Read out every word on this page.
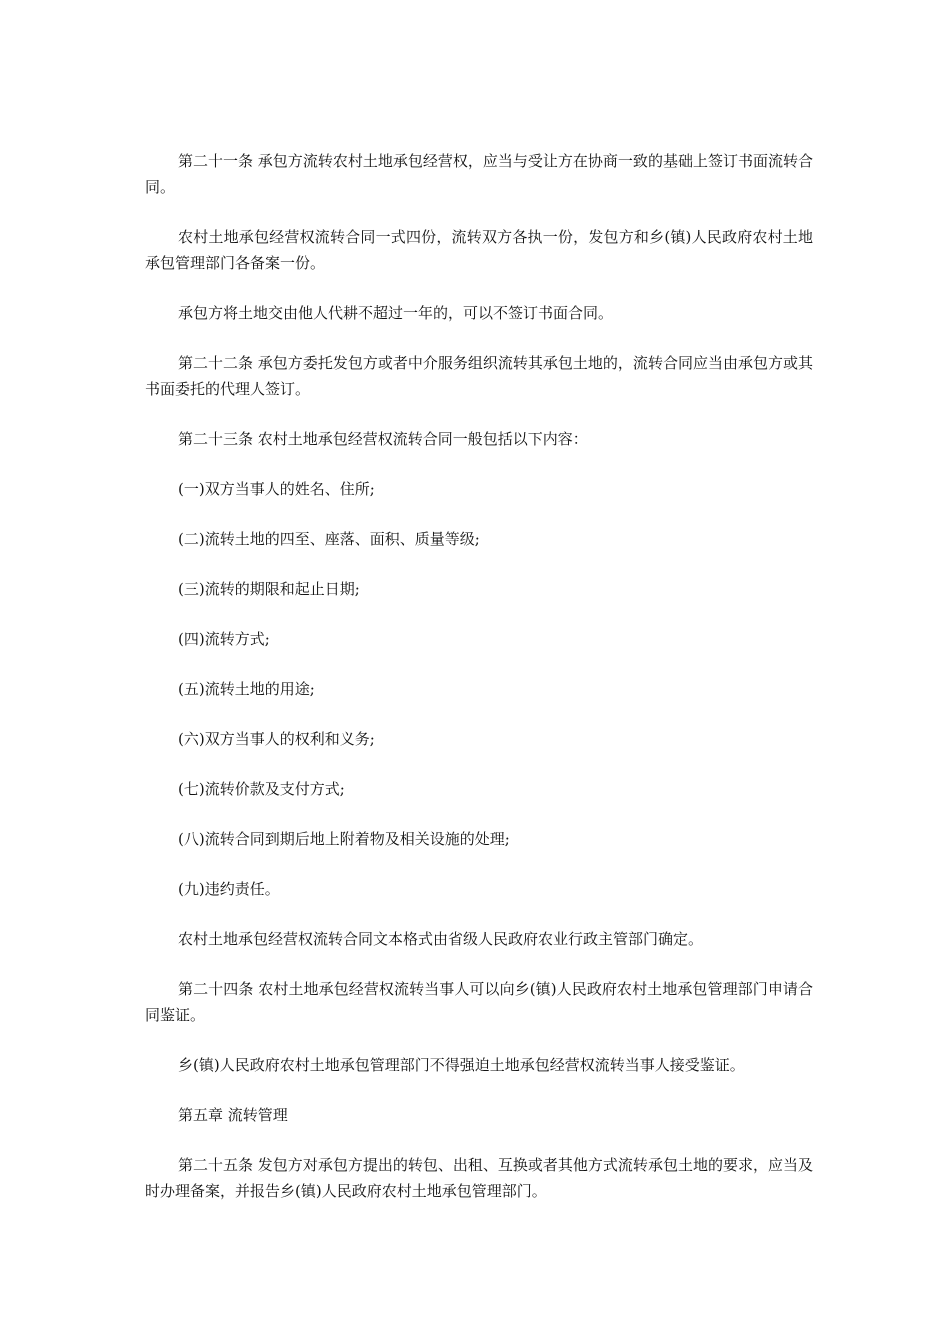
第二十一条 承包方流转农村土地承包经营权，应当与受让方在协商一致的基础上签订书面流转合同。

农村土地承包经营权流转合同一式四份，流转双方各执一份，发包方和乡(镇)人民政府农村土地承包管理部门各备案一份。

承包方将土地交由他人代耕不超过一年的，可以不签订书面合同。

第二十二条 承包方委托发包方或者中介服务组织流转其承包土地的，流转合同应当由承包方或其书面委托的代理人签订。

第二十三条 农村土地承包经营权流转合同一般包括以下内容：

(一)双方当事人的姓名、住所;

(二)流转土地的四至、座落、面积、质量等级;

(三)流转的期限和起止日期;

(四)流转方式;

(五)流转土地的用途;

(六)双方当事人的权利和义务;

(七)流转价款及支付方式;

(八)流转合同到期后地上附着物及相关设施的处理;

(九)违约责任。

农村土地承包经营权流转合同文本格式由省级人民政府农业行政主管部门确定。

第二十四条 农村土地承包经营权流转当事人可以向乡(镇)人民政府农村土地承包管理部门申请合同鉴证。

乡(镇)人民政府农村土地承包管理部门不得强迫土地承包经营权流转当事人接受鉴证。

第五章 流转管理

第二十五条 发包方对承包方提出的转包、出租、互换或者其他方式流转承包土地的要求，应当及时办理备案，并报告乡(镇)人民政府农村土地承包管理部门。
